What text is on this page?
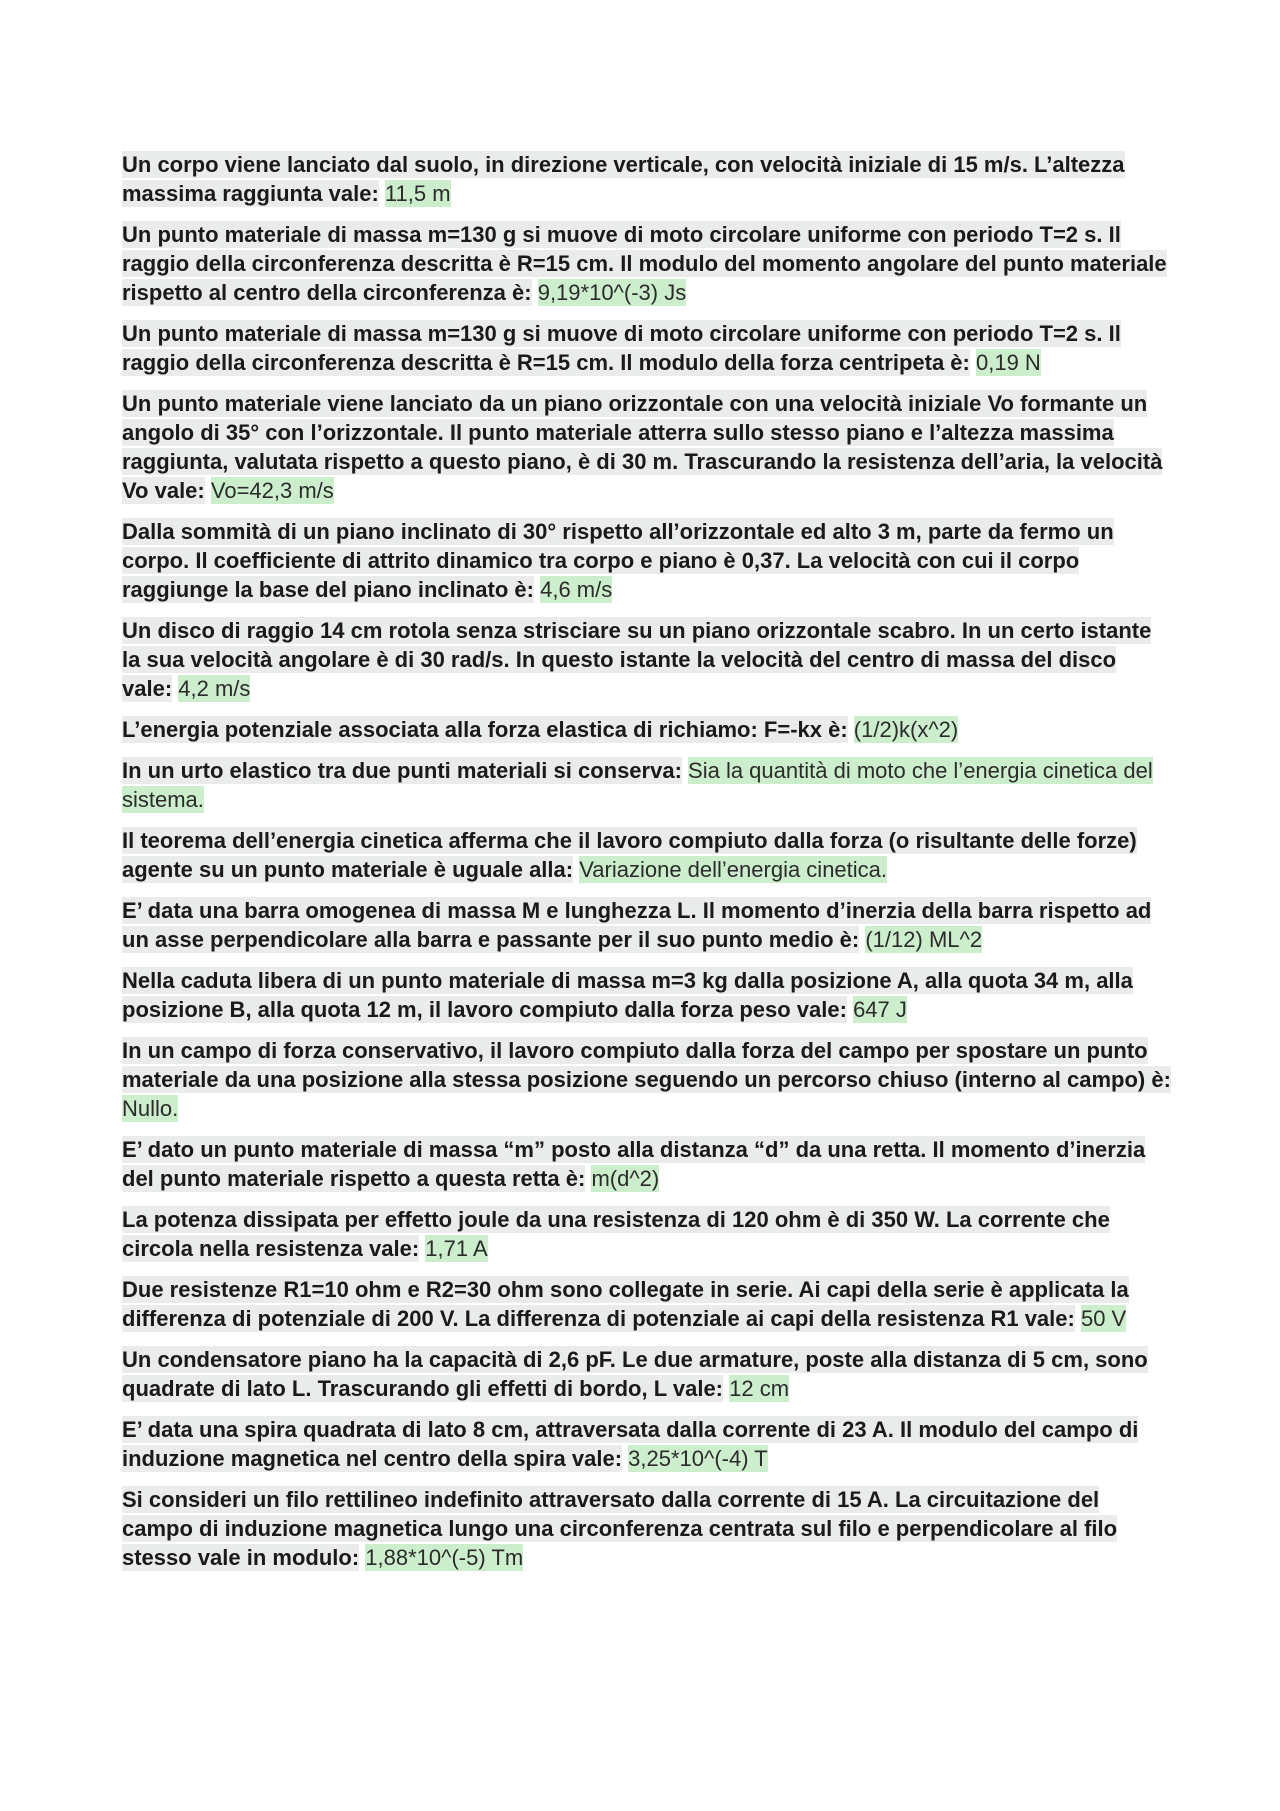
Un corpo viene lanciato dal suolo, in direzione verticale, con velocità iniziale di 15 m/s. L’altezza massima raggiunta vale: 11,5 m

Un punto materiale di massa m=130 g si muove di moto circolare uniforme con periodo T=2 s. Il raggio della circonferenza descritta è R=15 cm. Il modulo del momento angolare del punto materiale rispetto al centro della circonferenza è: 9,19*10^(-3) Js

Un punto materiale di massa m=130 g si muove di moto circolare uniforme con periodo T=2 s. Il raggio della circonferenza descritta è R=15 cm. Il modulo della forza centripeta è: 0,19 N

Un punto materiale viene lanciato da un piano orizzontale con una velocità iniziale Vo formante un angolo di 35° con l’orizzontale. Il punto materiale atterra sullo stesso piano e l’altezza massima raggiunta, valutata rispetto a questo piano, è di 30 m. Trascurando la resistenza dell’aria, la velocità Vo vale: Vo=42,3 m/s

Dalla sommità di un piano inclinato di 30° rispetto all’orizzontale ed alto 3 m, parte da fermo un corpo. Il coefficiente di attrito dinamico tra corpo e piano è 0,37. La velocità con cui il corpo raggiunge la base del piano inclinato è: 4,6 m/s

Un disco di raggio 14 cm rotola senza strisciare su un piano orizzontale scabro. In un certo istante la sua velocità angolare è di 30 rad/s. In questo istante la velocità del centro di massa del disco vale: 4,2 m/s

L’energia potenziale associata alla forza elastica di richiamo: F=-kx è: (1/2)k(x^2)

In un urto elastico tra due punti materiali si conserva: Sia la quantità di moto che l’energia cinetica del sistema.

Il teorema dell’energia cinetica afferma che il lavoro compiuto dalla forza (o risultante delle forze) agente su un punto materiale è uguale alla: Variazione dell’energia cinetica.

E’ data una barra omogenea di massa M e lunghezza L. Il momento d’inerzia della barra rispetto ad un asse perpendicolare alla barra e passante per il suo punto medio è: (1/12) ML^2

Nella caduta libera di un punto materiale di massa m=3 kg dalla posizione A, alla quota 34 m, alla posizione B, alla quota 12 m, il lavoro compiuto dalla forza peso vale: 647 J

In un campo di forza conservativo, il lavoro compiuto dalla forza del campo per spostare un punto materiale da una posizione alla stessa posizione seguendo un percorso chiuso (interno al campo) è: Nullo.

E’ dato un punto materiale di massa “m” posto alla distanza “d” da una retta. Il momento d’inerzia del punto materiale rispetto a questa retta è: m(d^2)

La potenza dissipata per effetto joule da una resistenza di 120 ohm è di 350 W. La corrente che circola nella resistenza vale: 1,71 A

Due resistenze R1=10 ohm e R2=30 ohm sono collegate in serie. Ai capi della serie è applicata la differenza di potenziale di 200 V. La differenza di potenziale ai capi della resistenza R1 vale: 50 V

Un condensatore piano ha la capacità di 2,6 pF. Le due armature, poste alla distanza di 5 cm, sono quadrate di lato L. Trascurando gli effetti di bordo, L vale: 12 cm

E’ data una spira quadrata di lato 8 cm, attraversata dalla corrente di 23 A. Il modulo del campo di induzione magnetica nel centro della spira vale: 3,25*10^(-4) T

Si consideri un filo rettilineo indefinito attraversato dalla corrente di 15 A. La circuitazione del campo di induzione magnetica lungo una circonferenza centrata sul filo e perpendicolare al filo stesso vale in modulo: 1,88*10^(-5) Tm
